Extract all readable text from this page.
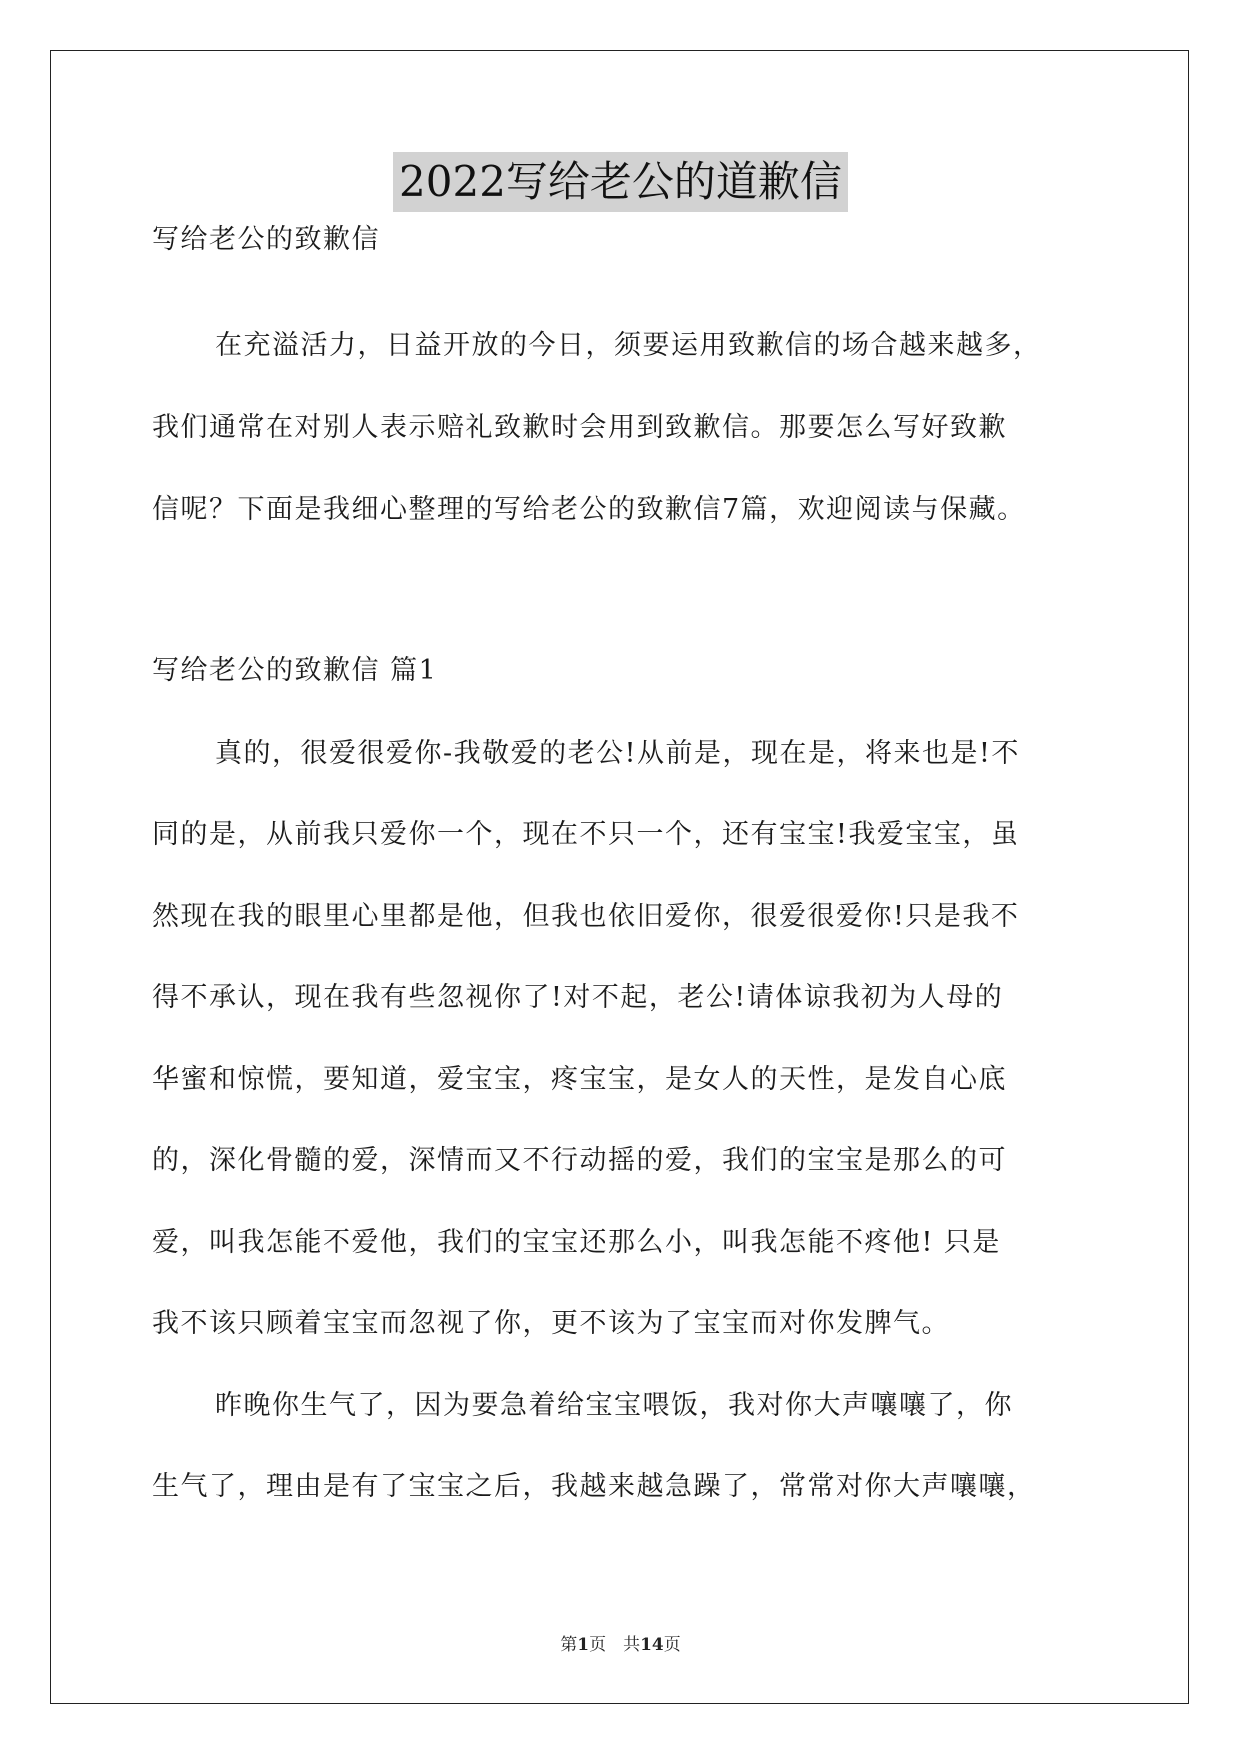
2022写给老公的道歉信
写给老公的致歉信
在充溢活力，日益开放的今日，须要运用致歉信的场合越来越多，
我们通常在对别人表示赔礼致歉时会用到致歉信。那要怎么写好致歉
信呢？下面是我细心整理的写给老公的致歉信7篇，欢迎阅读与保藏。
写给老公的致歉信 篇1
真的，很爱很爱你-我敬爱的老公!从前是，现在是，将来也是!不
同的是，从前我只爱你一个，现在不只一个，还有宝宝!我爱宝宝，虽
然现在我的眼里心里都是他，但我也依旧爱你，很爱很爱你!只是我不
得不承认，现在我有些忽视你了!对不起，老公!请体谅我初为人母的
华蜜和惊慌，要知道，爱宝宝，疼宝宝，是女人的天性，是发自心底
的，深化骨髓的爱，深情而又不行动摇的爱，我们的宝宝是那么的可
爱，叫我怎能不爱他，我们的宝宝还那么小，叫我怎能不疼他! 只是
我不该只顾着宝宝而忽视了你，更不该为了宝宝而对你发脾气。
昨晚你生气了，因为要急着给宝宝喂饭，我对你大声嚷嚷了，你
生气了，理由是有了宝宝之后，我越来越急躁了，常常对你大声嚷嚷，
第1页　共14页
